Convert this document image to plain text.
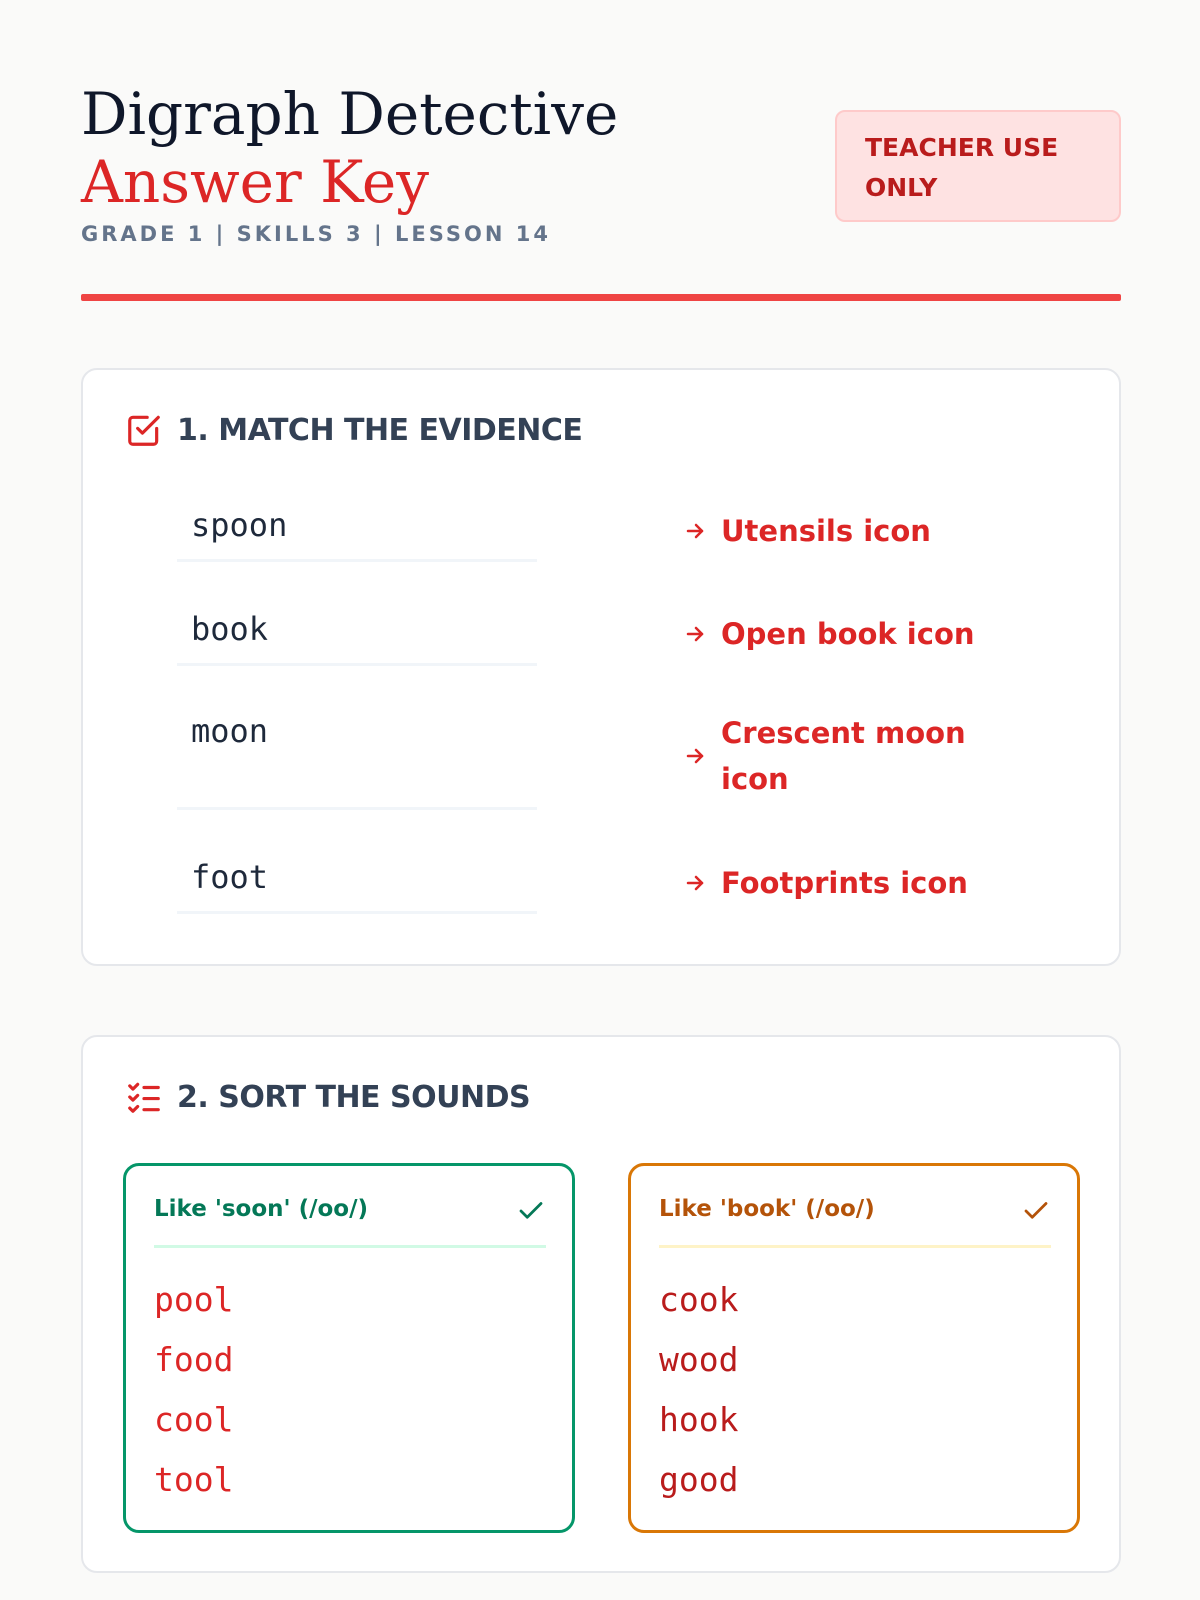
Digraph Detective Answer Key
GRADE 1 | SKILLS 3 | LESSON 14
TEACHER USE ONLY
1. MATCH THE EVIDENCE
spoon	Utensils icon
book	Open book icon
moon	Crescent moon icon
foot	Footprints icon
2. SORT THE SOUNDS
Like 'soon' (/oo/)
pool
food
cool
tool
Like 'book' (/oo/)
cook
wood
hook
good
